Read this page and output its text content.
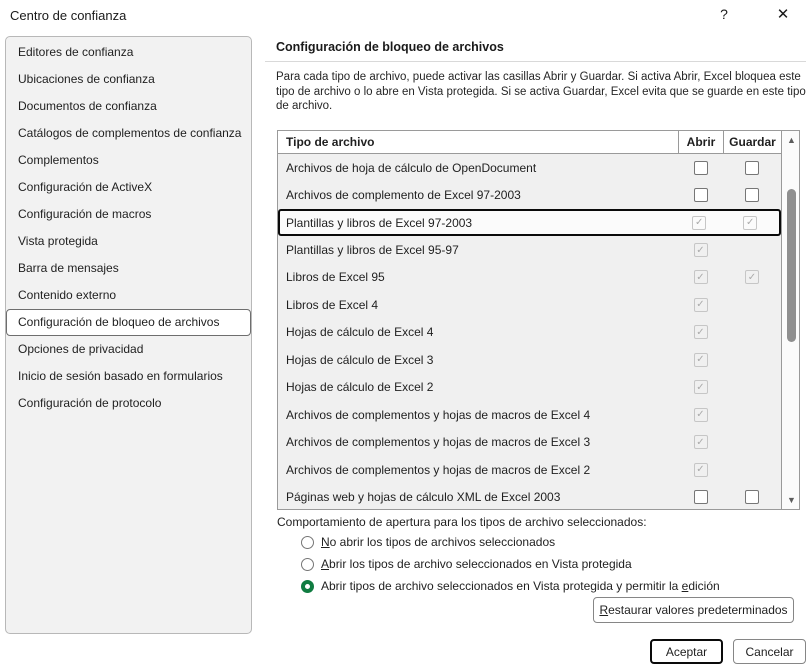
Centro de confianza	?	✕
Editores de confianza
Ubicaciones de confianza
Documentos de confianza
Catálogos de complementos de confianza
Complementos
Configuración de ActiveX
Configuración de macros
Vista protegida
Barra de mensajes
Contenido externo
Configuración de bloqueo de archivos
Opciones de privacidad
Inicio de sesión basado en formularios
Configuración de protocolo
Configuración de bloqueo de archivos

Para cada tipo de archivo, puede activar las casillas Abrir y Guardar. Si activa Abrir, Excel bloquea este tipo de archivo o lo abre en Vista protegida. Si se activa Guardar, Excel evita que se guarde en este tipo de archivo.

Tipo de archivo	Abrir	Guardar
Archivos de hoja de cálculo de OpenDocument
Archivos de complemento de Excel 97-2003
Plantillas y libros de Excel 97-2003	✓	✓
Plantillas y libros de Excel 95-97	✓
Libros de Excel 95	✓	✓
Libros de Excel 4	✓
Hojas de cálculo de Excel 4	✓
Hojas de cálculo de Excel 3	✓
Hojas de cálculo de Excel 2	✓
Archivos de complementos y hojas de macros de Excel 4	✓
Archivos de complementos y hojas de macros de Excel 3	✓
Archivos de complementos y hojas de macros de Excel 2	✓
Páginas web y hojas de cálculo XML de Excel 2003
▲
▼
Comportamiento de apertura para los tipos de archivo seleccionados:
No abrir los tipos de archivos seleccionados
Abrir los tipos de archivo seleccionados en Vista protegida
Abrir tipos de archivo seleccionados en Vista protegida y permitir la edición
Restaurar valores predeterminados
Aceptar	Cancelar
